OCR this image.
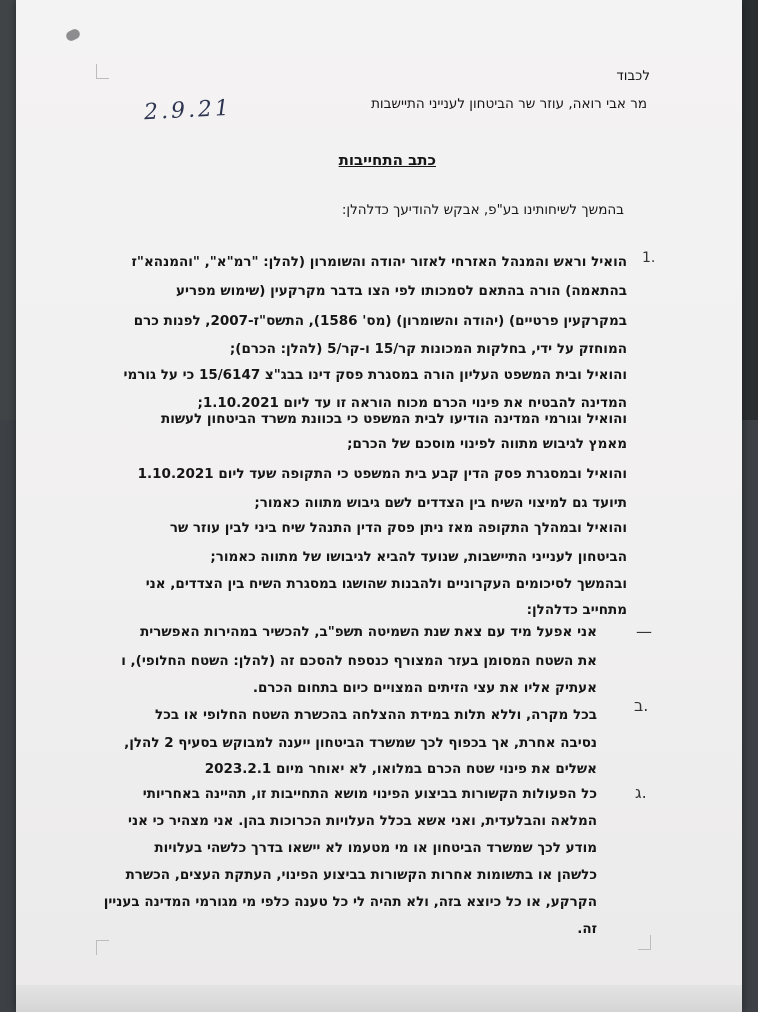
לכבוד
מר אבי רואה, עוזר שר הביטחון לענייני התיישבות
2.9.21
כתב התחייבות
בהמשך לשיחותינו בע"פ, אבקש להודיעך כדלהלן:
1.
—
ב.
ג.
הואיל וראש והמנהל האזרחי לאזור יהודה והשומרון (להלן: "רמ"א", "והמנהא"ז
בהתאמה) הורה בהתאם לסמכותו לפי הצו בדבר מקרקעין (שימוש מפריע
במקרקעין פרטיים) (יהודה והשומרון) (מס' 1586), התשס"ז-2007, לפנות כרם
המוחזק על ידי, בחלקות המכונות קר/15 ו-קר/5 (להלן: הכרם);
והואיל ובית המשפט העליון הורה במסגרת פסק דינו בבג"צ 15/6147 כי על גורמי
המדינה להבטיח את פינוי הכרם מכוח הוראה זו עד ליום 1.10.2021;
והואיל וגורמי המדינה הודיעו לבית המשפט כי בכוונת משרד הביטחון לעשות
מאמץ לגיבוש מתווה לפינוי מוסכם של הכרם;
והואיל ובמסגרת פסק הדין קבע בית המשפט כי התקופה שעד ליום 1.10.2021
תיועד גם למיצוי השיח בין הצדדים לשם גיבוש מתווה כאמור;
והואיל ובמהלך התקופה מאז ניתן פסק הדין התנהל שיח ביני לבין עוזר שר
הביטחון לענייני התיישבות, שנועד להביא לגיבושו של מתווה כאמור;
ובהמשך לסיכומים העקרוניים ולהבנות שהושגו במסגרת השיח בין הצדדים, אני
מתחייב כדלהלן:
אני אפעל מיד עם צאת שנת השמיטה תשפ"ב, להכשיר במהירות האפשרית
את השטח המסומן בעזר המצורף כנספח להסכם זה (להלן: השטח החלופי), ו
אעתיק אליו את עצי הזיתים המצויים כיום בתחום הכרם.
בכל מקרה, וללא תלות במידת ההצלחה בהכשרת השטח החלופי או בכל
נסיבה אחרת, אך בכפוף לכך שמשרד הביטחון ייענה למבוקש בסעיף 2 להלן,
אשלים את פינוי שטח הכרם במלואו, לא יאוחר מיום 2023.2.1
כל הפעולות הקשורות בביצוע הפינוי מושא התחייבות זו, תהיינה באחריותי
המלאה והבלעדית, ואני אשא בכלל העלויות הכרוכות בהן. אני מצהיר כי אני
מודע לכך שמשרד הביטחון או מי מטעמו לא יישאו בדרך כלשהי בעלויות
כלשהן או בתשומות אחרות הקשורות בביצוע הפינוי, העתקת העצים, הכשרת
הקרקע, או כל כיוצא בזה, ולא תהיה לי כל טענה כלפי מי מגורמי המדינה בעניין
זה.
